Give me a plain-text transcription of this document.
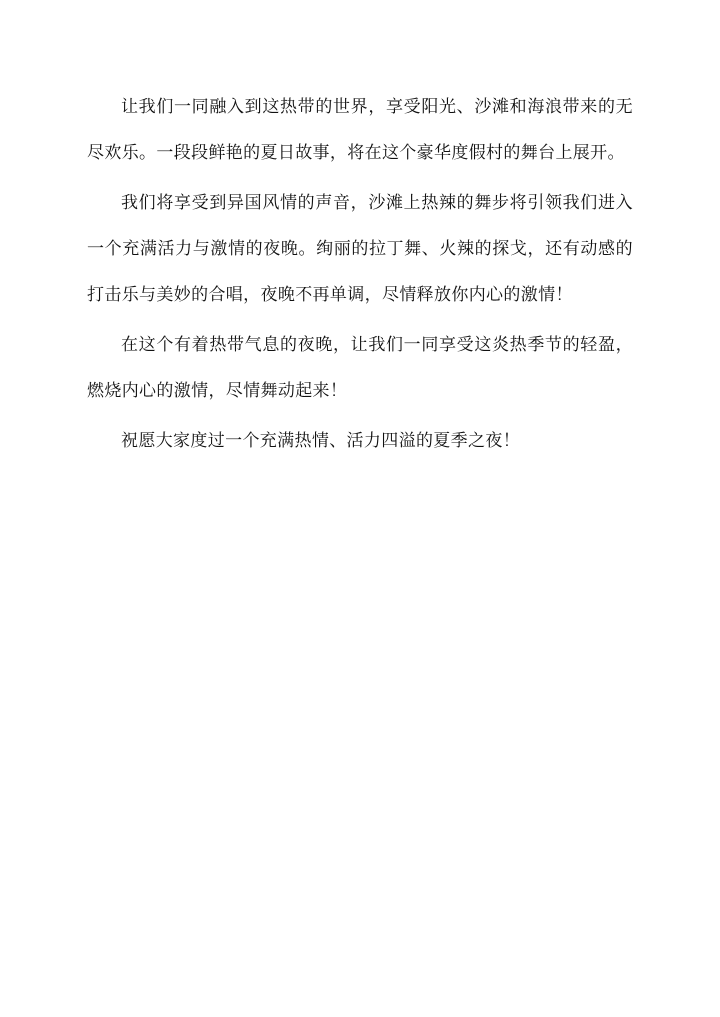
让我们一同融入到这热带的世界，享受阳光、沙滩和海浪带来的无尽欢乐。一段段鲜艳的夏日故事，将在这个豪华度假村的舞台上展开。

我们将享受到异国风情的声音，沙滩上热辣的舞步将引领我们进入一个充满活力与激情的夜晚。绚丽的拉丁舞、火辣的探戈，还有动感的打击乐与美妙的合唱，夜晚不再单调，尽情释放你内心的激情！

在这个有着热带气息的夜晚，让我们一同享受这炎热季节的轻盈，燃烧内心的激情，尽情舞动起来！

祝愿大家度过一个充满热情、活力四溢的夏季之夜！
